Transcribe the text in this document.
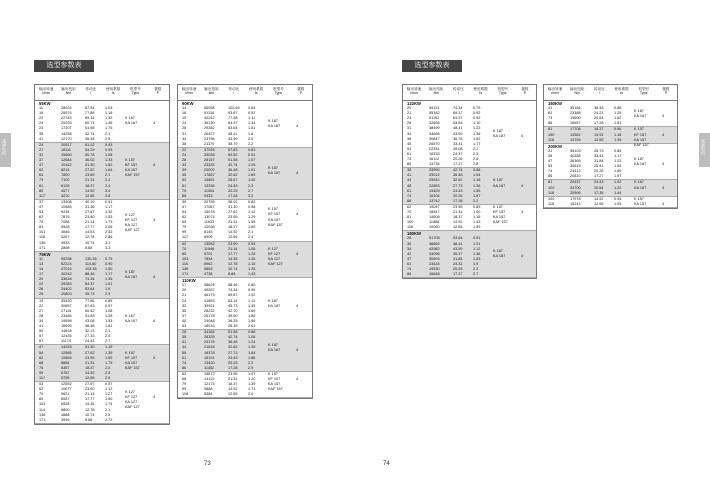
选型参数表
减速电机
输出转速
r/min
输出扭矩
Nm
传动比
i
使用系数
fs
机型号
Type
极数
P
55KW
11	28024	87.54	1.03
19	25574	77.88	1.16
22	22745	69.16	1.32
24	20253	60.74	1.48
23	17207	51.58	1.75
35	14258	42.74	2.1
41	12170	36.48	2.5
K 167
KA 167	4
24	20517	61.02	0.93
27	18111	54.29	0.93
32	15650	50.78	1.08
37	12684	36.02	1.33
47	10442	31.30	1.62
62	8214	27.52	1.64
64	7800	23.65	2.1
73	7100	21.31	2.4
81	6128	18.37	2.4
89	4577	14.92	3.4
117	4220	12.65	3.8
K 157
KF 157	4
KA 157
KAF 157
37	13408	40.19	0.91
47	10485	31.36	1.17
53	9234	27.67	1.32
62	7876	23.80	1.53
70	7058	21.14	1.73
83	5928	17.77	2.06
101	4846	14.53	2.52
116	4267	12.78	2.86
136	3533	10.74	3.1
171	2898	8.68	3.3
K 127
KF 127	4
KA 127
KAF 127
75KW
11	59298	130.35	0.79
13	52224	114.60	0.90
14	47016	103.35	1.00
17	40242	88.46	1.17
20	33618	74.34	1.35
22	29283	64.37	1.61
26	24402	53.64	1.9
29	20803	45.73	2.3
K 187
KA 187	4
19	35420	77.86	0.85
22	30857	67.83	0.97
27	27115	60.52	1.08
28	23486	51.65	1.28
34	19598	43.08	1.53
41	16595	36.48	1.81
50	14618	32.13	2.1
57	12435	27.33	2.4
67	11174	24.43	2.7
K 167
KA 167	4
47	14239	31.30	1.19
54	12585	27.62	1.35
62	10865	23.95	1.55
68	8884	21.31	1.75
75	8357	18.37	2.0
99	6787	14.92	2.5
117	5755	12.65	2.9
K 157
KF 157	4
KA 157
KAF 157
53	12592	27.67	0.97
62	10677	23.60	1.12
70	9621	21.14	1.27
85	8087	17.77	1.50
103	6528	14.35	1.74
114	5800	12.78	2.1
136	4888	10.74	2.5
171	3949	8.68	2.72
K 127
KF 127	4
KA 127
KAF 127
输出转速
r/min
输出扭矩
Nm
传动比
i
使用系数
fs
机型号
Type
极数
P
90KW
14	56058	102.69	0.84
16	51134	93.67	0.92
19	42242	77.38	1.11
24	35130	64.37	1.34
26	29282	53.64	1.61
31	26427	48.41	1.8
34	23798	43.59	2.0
38	21170	38.79	2.2
K 187
KA 187	4
22	37026	67.83	0.81
24	33038	60.52	0.91
28	28157	51.58	1.07
33	23332	42.74	1.29
39	20002	36.48	1.51
45	17867	32.62	1.69
52	15651	28.67	1.92
61	13336	24.43	2.3
75	11054	20.25	2.7
86	9433	17.28	3.2
K 167
KA 167	4
39	20755	38.02	0.82
47	17087	31.30	0.98
54	15078	27.62	1.12
62	13074	23.95	1.29
69	11633	21.31	1.45
79	10028	18.37	1.69
99	8145	14.92	2.1
117	6906	12.65	2.4
K 157
KF 157	4
KA 157
KAF 157
62	13052	23.90	0.94
70	11546	21.14	1.06
85	9701	17.77	1.26
103	7834	14.35	1.45
116	6962	12.78	1.15
136	5863	10.74	1.28
171	4738	8.68	1.43
K 127
KF 127	4
KA 127
KAF 127
110KW
17	58625	88.46	0.80
20	49267	74.34	0.95
21	46173	69.67	1.02
24	41853	63.14	1.12
33	35921	45.73	1.35
35	28232	42.70	1.69
37	26178	39.50	1.80
40	24048	36.25	1.96
53	18033	28.39	2.61
K 187
KA 187	4
28	34184	51.58	0.88
35	28325	42.74	1.06
41	24176	36.48	1.24
44	21618	32.62	1.39
55	18378	27.73	1.64
61	16191	24.43	1.86
74	13420	20.25	2.2
86	11452	17.28	2.9
K 167
KA 167	4
62	15872	23.95	1.07
68	14122	21.31	1.20
79	12174	18.37	1.39
99	9888	14.92	1.71
108	8384	12.65	2.0
K 157
KF 157	4
KA 157
KAF 157
73
选型参数表
减速电机
输出转速
r/min
输出扭矩
Nm
传动比
i
使用系数
fs
机型号
Type
极数
P
132KW
20	59121	74.34	0.79
21	55182	69.37	0.92
23	51192	64.37	0.92
26	42658	53.64	1.10
31	38499	48.41	1.22
34	34666	43.59	1.36
38	30847	38.78	1.52
45	26570	33.41	1.77
53	22331	28.08	2.1
61	18333	24.37	2.3
74	16112	20.26	2.6
86	13734	17.27	2.8
K 187
KA 187	4
35	33990	42.74	0.88
41	29012	36.48	1.04
44	25942	32.62	1.16
48	22853	27.73	1.36
61	19429	24.43	1.55
74	16104	20.25	1.87
86	13742	17.28	2.2
K 167
KA 167	4
62	19047	23.95	0.89
70	16947	21.31	1.00
81	14608	18.37	1.16
100	11866	14.92	1.43
118	10060	12.65	1.59
K 157
KF 157	4
KA 157
KAF 157
160KW
28	51708	53.64	0.91
30	46662	48.41	1.01
34	42082	43.59	1.12
42	34096	35.37	1.38
47	30693	31.84	1.53
61	23434	24.31	1.9
74	19530	20.25	2.3
86	16648	17.27	2.7
K 187
KA 187	4
输出转速
r/min
输出扭矩
Nm
传动比
i
使用系数
fs
机型号
Type
极数
P
160KW
41	35166	36.48	0.86
62	23388	24.21	1.29
73	19600	20.54	1.52
86	16657	17.28	1.81
K 167
KA 167	4
81	17708	18.37	0.96
100	14382	14.92	1.18
118	12194	12.65	1.39
K 157
KF 157	4
KA 157
KAF 157
200KW
31	55103	45.73	0.85
35	40258	33.41	1.17
47	36366	31.84	1.23
53	30619	25.41	1.54
74	24413	20.26	1.69
86	20810	17.27	1.97
K 187
KA 187	4
81	29437	24.43	1.02
100	24700	20.54	1.22
118	20906	17.35	1.44
K 167
KA 167	4
100	17978	14.92	0.94
118	15243	12.65	1.05
K 157
KA 157	4
74
